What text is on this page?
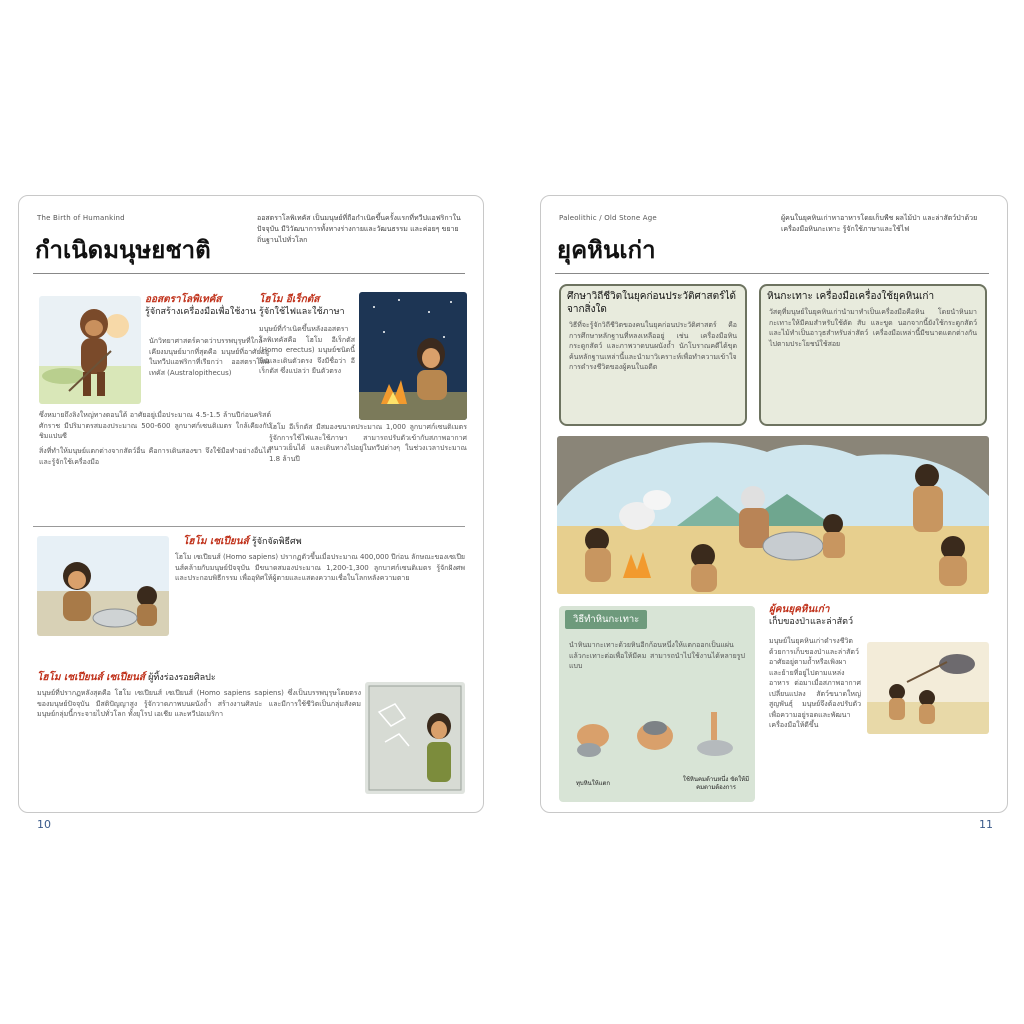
The Birth of Humankind
กำเนิดมนุษยชาติ
ออสตราโลพิเทคัส เป็นมนุษย์ที่ถือกำเนิดขึ้นครั้งแรกที่ทวีปแอฟริกาในปัจจุบัน มีวิวัฒนาการทั้งทางร่างกายและวัฒนธรรม และค่อยๆ ขยายถิ่นฐานไปทั่วโลก
ออสตราโลพิเทคัส
รู้จักสร้างเครื่องมือเพื่อใช้งาน
นักวิทยาศาสตร์คาดว่าบรรพบุรุษที่ใกล้เคียงมนุษย์มากที่สุดคือ มนุษย์ที่อาศัยอยู่ในทวีปแอฟริกาที่เรียกว่า ออสตราโลพิเทคัส (Australopithecus)
ซึ่งหมายถึงลิงใหญ่ทางตอนใต้ อาศัยอยู่เมื่อประมาณ 4.5-1.5 ล้านปีก่อนคริสต์ศักราช มีปริมาตรสมองประมาณ 500-600 ลูกบาศก์เซนติเมตร ใกล้เคียงกับชิมแปนซี
สิ่งที่ทำให้มนุษย์แตกต่างจากสัตว์อื่น คือการเดินสองขา จึงใช้มือทำอย่างอื่นได้ และรู้จักใช้เครื่องมือ
โฮโม อีเร็กตัส
รู้จักใช้ไฟและใช้ภาษา
มนุษย์ที่กำเนิดขึ้นหลังออสตราโลพิเทคัสคือ โฮโม อีเร็กตัส (Homo erectus) มนุษย์ชนิดนี้ยืนและเดินตัวตรง จึงมีชื่อว่า อีเร็กตัส ซึ่งแปลว่า ยืนตัวตรง
โฮโม อีเร็กตัส มีสมองขนาดประมาณ 1,000 ลูกบาศก์เซนติเมตร รู้จักการใช้ไฟและใช้ภาษา สามารถปรับตัวเข้ากับสภาพอากาศหนาวเย็นได้ และเดินทางไปอยู่ในทวีปต่างๆ ในช่วงเวลาประมาณ 1.8 ล้านปี
โฮโม เซเปียนส์ รู้จักจัดพิธีศพ
โฮโม เซเปียนส์ (Homo sapiens) ปรากฏตัวขึ้นเมื่อประมาณ 400,000 ปีก่อน ลักษณะของเซเปียนส์คล้ายกับมนุษย์ปัจจุบัน มีขนาดสมองประมาณ 1,200-1,300 ลูกบาศก์เซนติเมตร รู้จักฝังศพและประกอบพิธีกรรม เพื่ออุทิศให้ผู้ตายและแสดงความเชื่อในโลกหลังความตาย
โฮโม เซเปียนส์ เซเปียนส์ ผู้ทิ้งร่องรอยศิลปะ
มนุษย์ที่ปรากฏหลังสุดคือ โฮโม เซเปียนส์ เซเปียนส์ (Homo sapiens sapiens) ซึ่งเป็นบรรพบุรุษโดยตรงของมนุษย์ปัจจุบัน มีสติปัญญาสูง รู้จักวาดภาพบนผนังถ้ำ สร้างงานศิลปะ และมีการใช้ชีวิตเป็นกลุ่มสังคม มนุษย์กลุ่มนี้กระจายไปทั่วโลก ทั้งยุโรป เอเชีย และทวีปอเมริกา
10
Paleolithic / Old Stone Age
ยุคหินเก่า
ผู้คนในยุคหินเก่าหาอาหารโดยเก็บพืช ผลไม้ป่า และล่าสัตว์ป่าด้วยเครื่องมือหินกะเทาะ รู้จักใช้ภาษาและใช้ไฟ
ศึกษาวิถีชีวิตในยุคก่อนประวัติศาสตร์ได้จากสิ่งใด
วิธีที่จะรู้จักวิถีชีวิตของคนในยุคก่อนประวัติศาสตร์ คือการศึกษาหลักฐานที่หลงเหลืออยู่ เช่น เครื่องมือหิน กระดูกสัตว์ และภาพวาดบนผนังถ้ำ นักโบราณคดีได้ขุดค้นหลักฐานเหล่านี้และนำมาวิเคราะห์เพื่อทำความเข้าใจการดำรงชีวิตของผู้คนในอดีต
หินกะเทาะ เครื่องมือเครื่องใช้ยุคหินเก่า
วัสดุที่มนุษย์ในยุคหินเก่านำมาทำเป็นเครื่องมือคือหิน โดยนำหินมากะเทาะให้มีคมสำหรับใช้ตัด สับ และขูด นอกจากนี้ยังใช้กระดูกสัตว์และไม้ทำเป็นอาวุธสำหรับล่าสัตว์ เครื่องมือเหล่านี้มีขนาดแตกต่างกันไปตามประโยชน์ใช้สอย
วิธีทำหินกะเทาะ
นำหินมากะเทาะด้วยหินอีกก้อนหนึ่งให้แตกออกเป็นแผ่น แล้วกะเทาะต่อเพื่อให้มีคม สามารถนำไปใช้งานได้หลายรูปแบบ
ทุบหินให้แตก
ใช้หินคมด้านหนึ่ง ขัดให้มีคมตามต้องการ
ผู้คนยุคหินเก่า
เก็บของป่าและล่าสัตว์
มนุษย์ในยุคหินเก่าดำรงชีวิตด้วยการเก็บของป่าและล่าสัตว์ อาศัยอยู่ตามถ้ำหรือเพิงผา และย้ายที่อยู่ไปตามแหล่งอาหาร ต่อมาเมื่อสภาพอากาศเปลี่ยนแปลง สัตว์ขนาดใหญ่สูญพันธุ์ มนุษย์จึงต้องปรับตัวเพื่อความอยู่รอดและพัฒนาเครื่องมือให้ดีขึ้น
11
